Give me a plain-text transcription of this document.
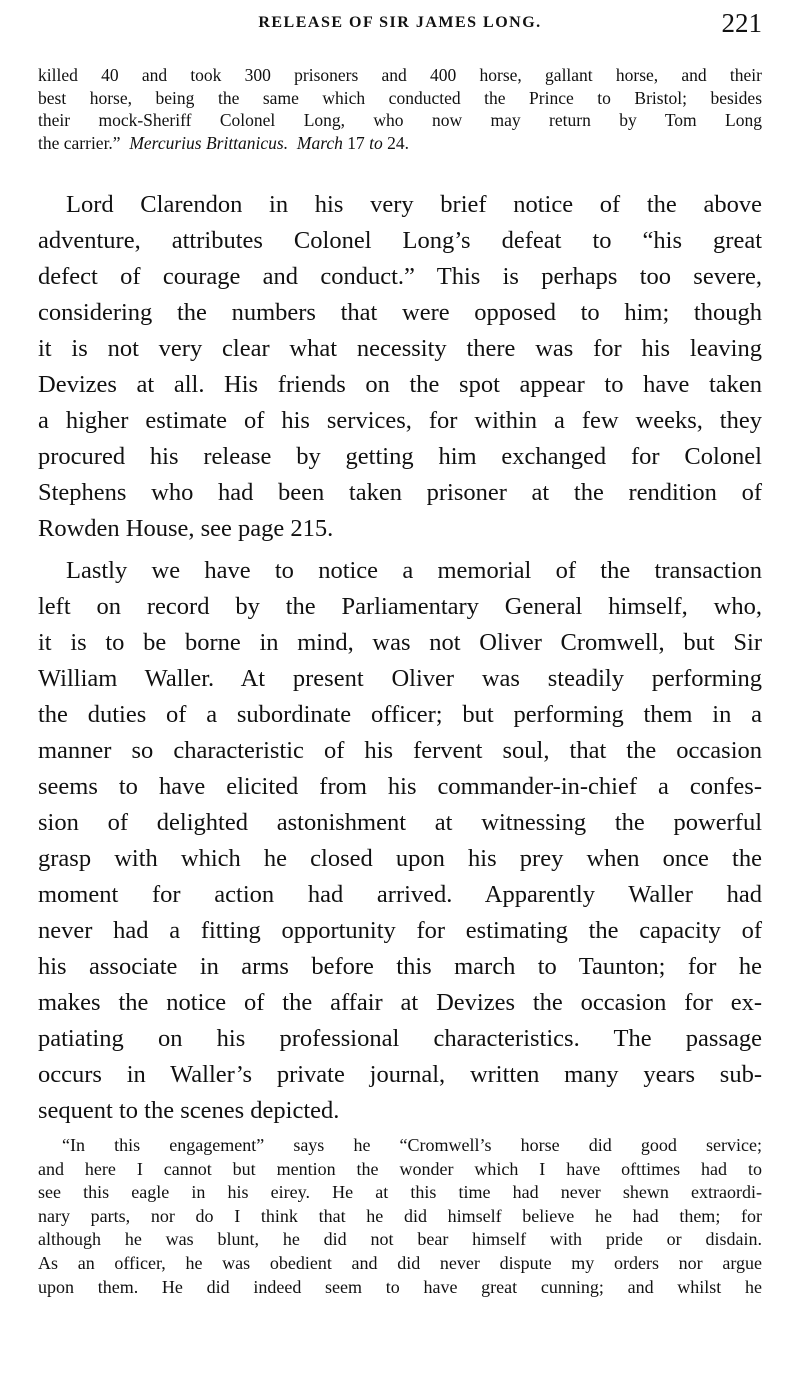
RELEASE OF SIR JAMES LONG.	221
killed 40 and took 300 prisoners and 400 horse, gallant horse, and their
best horse, being the same which conducted the Prince to Bristol; besides
their mock-Sheriff Colonel Long, who now may return by Tom Long
the carrier.” Mercurius Brittanicus. March 17 to 24.

Lord Clarendon in his very brief notice of the above
adventure, attributes Colonel Long’s defeat to “his great
defect of courage and conduct.” This is perhaps too severe,
considering the numbers that were opposed to him; though
it is not very clear what necessity there was for his leaving
Devizes at all. His friends on the spot appear to have taken
a higher estimate of his services, for within a few weeks, they
procured his release by getting him exchanged for Colonel
Stephens who had been taken prisoner at the rendition of
Rowden House, see page 215.

Lastly we have to notice a memorial of the transaction
left on record by the Parliamentary General himself, who,
it is to be borne in mind, was not Oliver Cromwell, but Sir
William Waller. At present Oliver was steadily performing
the duties of a subordinate officer; but performing them in a
manner so characteristic of his fervent soul, that the occasion
seems to have elicited from his commander-in-chief a confes-
sion of delighted astonishment at witnessing the powerful
grasp with which he closed upon his prey when once the
moment for action had arrived. Apparently Waller had
never had a fitting opportunity for estimating the capacity of
his associate in arms before this march to Taunton; for he
makes the notice of the affair at Devizes the occasion for ex-
patiating on his professional characteristics. The passage
occurs in Waller’s private journal, written many years sub-
sequent to the scenes depicted.

“In this engagement” says he “Cromwell’s horse did good service;
and here I cannot but mention the wonder which I have ofttimes had to
see this eagle in his eirey. He at this time had never shewn extraordi-
nary parts, nor do I think that he did himself believe he had them; for
although he was blunt, he did not bear himself with pride or disdain.
As an officer, he was obedient and did never dispute my orders nor argue
upon them. He did indeed seem to have great cunning; and whilst he
